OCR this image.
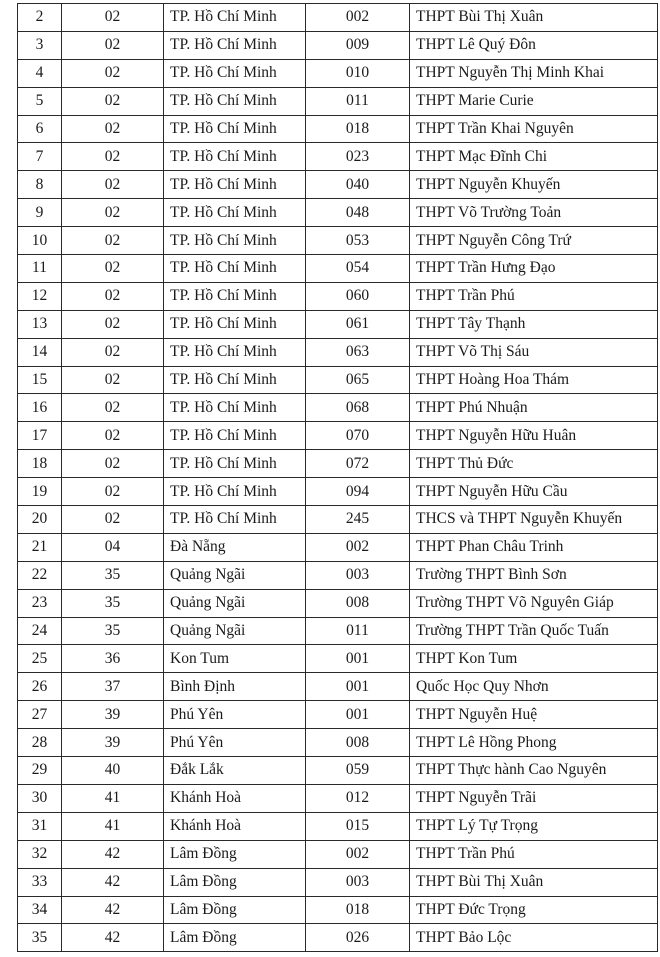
2	02	TP. Hồ Chí Minh	002	THPT Bùi Thị Xuân
3	02	TP. Hồ Chí Minh	009	THPT Lê Quý Đôn
4	02	TP. Hồ Chí Minh	010	THPT Nguyễn Thị Minh Khai
5	02	TP. Hồ Chí Minh	011	THPT Marie Curie
6	02	TP. Hồ Chí Minh	018	THPT Trần Khai Nguyên
7	02	TP. Hồ Chí Minh	023	THPT Mạc Đĩnh Chi
8	02	TP. Hồ Chí Minh	040	THPT Nguyễn Khuyến
9	02	TP. Hồ Chí Minh	048	THPT Võ Trường Toản
10	02	TP. Hồ Chí Minh	053	THPT Nguyễn Công Trứ
11	02	TP. Hồ Chí Minh	054	THPT Trần Hưng Đạo
12	02	TP. Hồ Chí Minh	060	THPT Trần Phú
13	02	TP. Hồ Chí Minh	061	THPT Tây Thạnh
14	02	TP. Hồ Chí Minh	063	THPT Võ Thị Sáu
15	02	TP. Hồ Chí Minh	065	THPT Hoàng Hoa Thám
16	02	TP. Hồ Chí Minh	068	THPT Phú Nhuận
17	02	TP. Hồ Chí Minh	070	THPT Nguyễn Hữu Huân
18	02	TP. Hồ Chí Minh	072	THPT Thủ Đức
19	02	TP. Hồ Chí Minh	094	THPT Nguyễn Hữu Cầu
20	02	TP. Hồ Chí Minh	245	THCS và THPT Nguyễn Khuyến
21	04	Đà Nẵng	002	THPT Phan Châu Trinh
22	35	Quảng Ngãi	003	Trường THPT Bình Sơn
23	35	Quảng Ngãi	008	Trường THPT Võ Nguyên Giáp
24	35	Quảng Ngãi	011	Trường THPT Trần Quốc Tuấn
25	36	Kon Tum	001	THPT Kon Tum
26	37	Bình Định	001	Quốc Học Quy Nhơn
27	39	Phú Yên	001	THPT Nguyễn Huệ
28	39	Phú Yên	008	THPT Lê Hồng Phong
29	40	Đắk Lắk	059	THPT Thực hành Cao Nguyên
30	41	Khánh Hoà	012	THPT Nguyễn Trãi
31	41	Khánh Hoà	015	THPT Lý Tự Trọng
32	42	Lâm Đồng	002	THPT Trần Phú
33	42	Lâm Đồng	003	THPT Bùi Thị Xuân
34	42	Lâm Đồng	018	THPT Đức Trọng
35	42	Lâm Đồng	026	THPT Bảo Lộc
